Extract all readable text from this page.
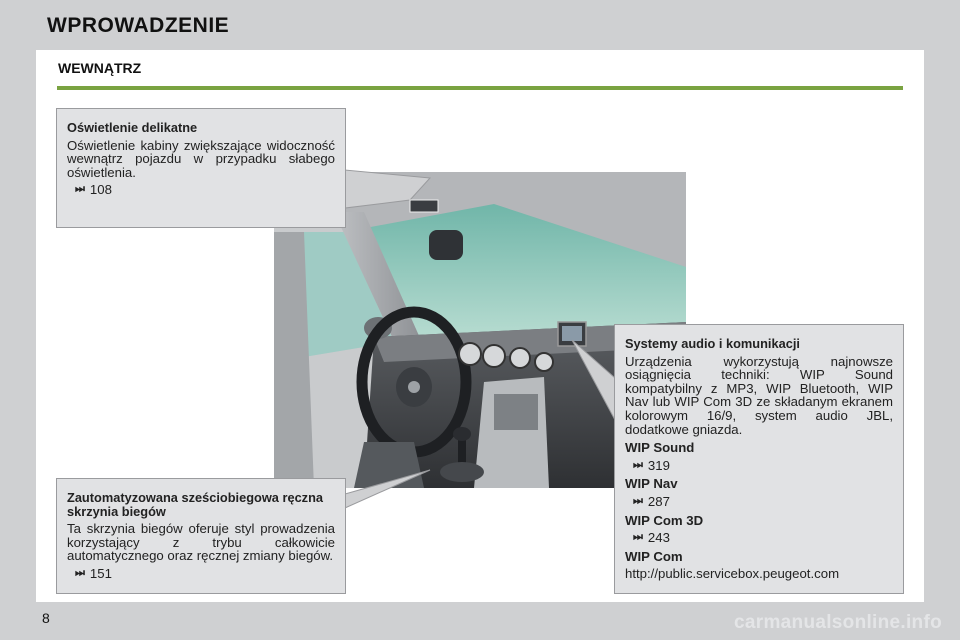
WPROWADZENIE
WEWNĄTRZ
Oświetlenie delikatne
Oświetlenie kabiny zwiększające widoczność wewnątrz pojazdu w przypadku słabego oświetlenia.
⏭ 108
Zautomatyzowana sześciobiegowa ręczna skrzynia biegów
Ta skrzynia biegów oferuje styl prowadzenia korzystający z trybu całkowicie automatycznego oraz ręcznej zmiany biegów.
⏭ 151
Systemy audio i komunikacji
Urządzenia wykorzystują najnowsze osiągnięcia techniki: WIP Sound kompatybilny z MP3, WIP Bluetooth, WIP Nav lub WIP Com 3D ze składanym ekranem kolorowym 16/9, system audio JBL, dodatkowe gniazda.
WIP Sound
⏭ 319
WIP Nav
⏭ 287
WIP Com 3D
⏭ 243
WIP Com
http://public.servicebox.peugeot.com
8	carmanualsonline.info
